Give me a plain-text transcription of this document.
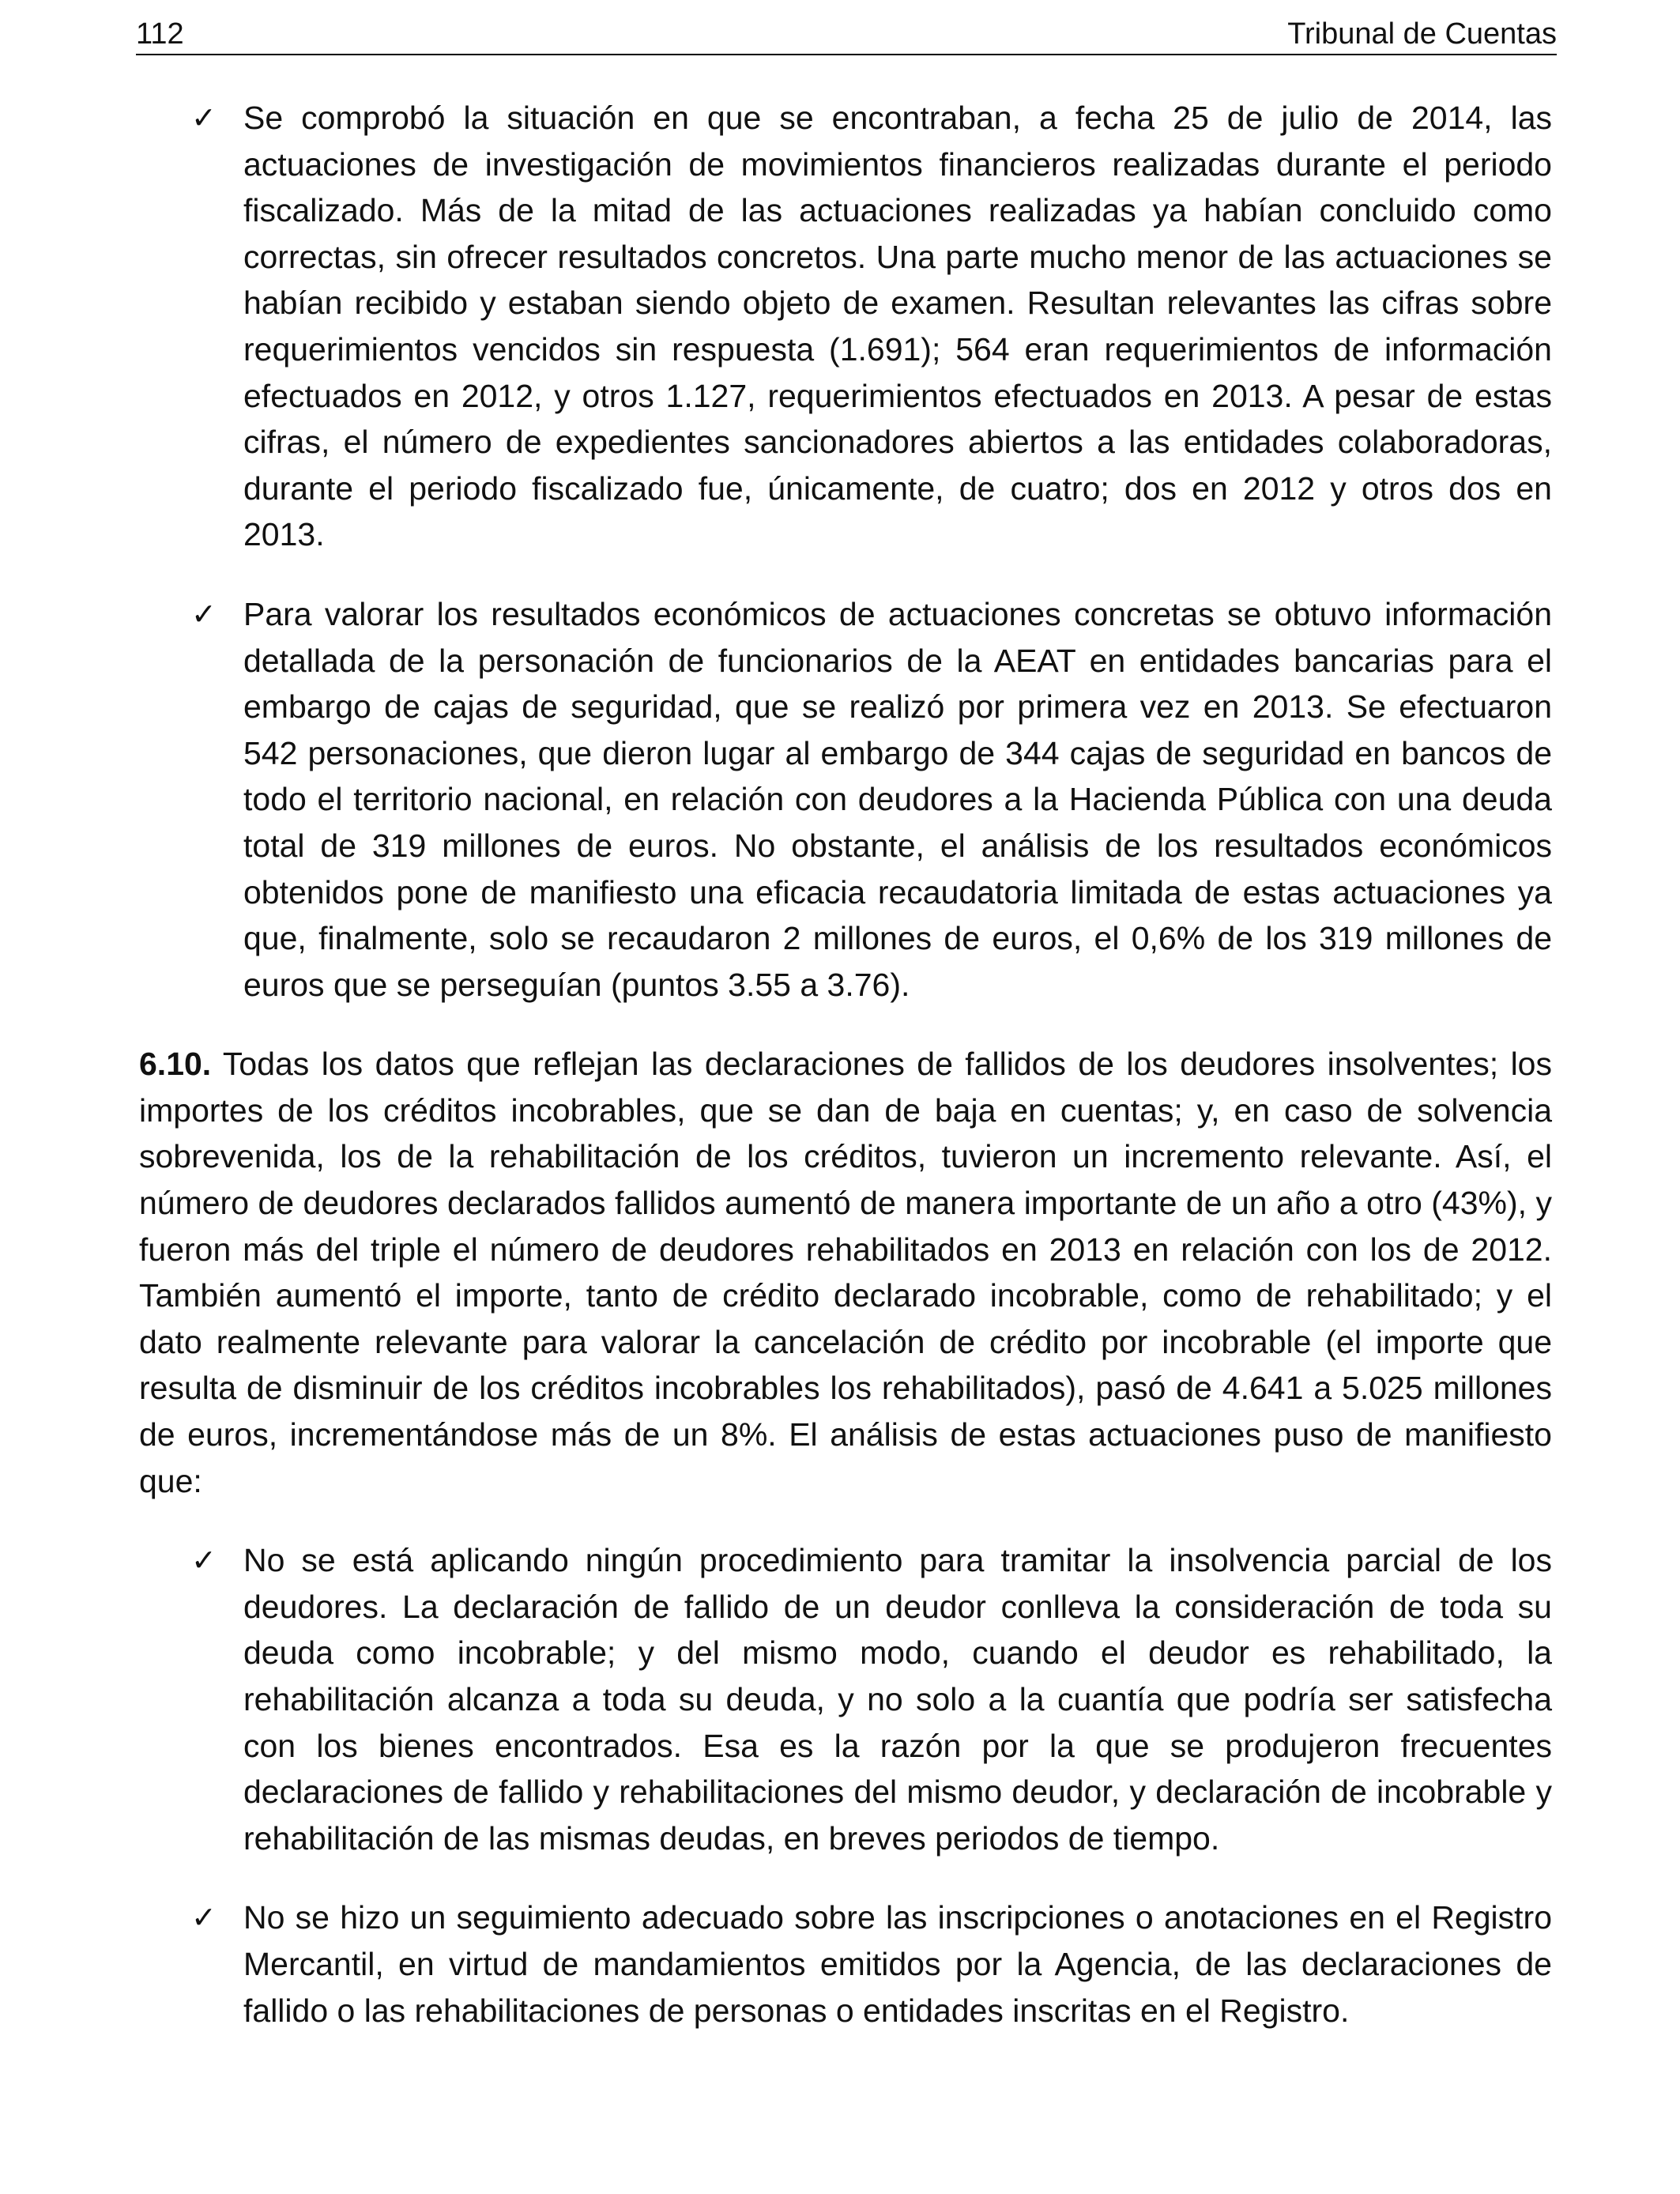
112	Tribunal de Cuentas
✓ Se comprobó la situación en que se encontraban, a fecha 25 de julio de 2014, las actuaciones de investigación de movimientos financieros realizadas durante el periodo fiscalizado. Más de la mitad de las actuaciones realizadas ya habían concluido como correctas, sin ofrecer resultados concretos. Una parte mucho menor de las actuaciones se habían recibido y estaban siendo objeto de examen. Resultan relevantes las cifras sobre requerimientos vencidos sin respuesta (1.691); 564 eran requerimientos de información efectuados en 2012, y otros 1.127, requerimientos efectuados en 2013. A pesar de estas cifras, el número de expedientes sancionadores abiertos a las entidades colaboradoras, durante el periodo fiscalizado fue, únicamente, de cuatro; dos en 2012 y otros dos en 2013.
✓ Para valorar los resultados económicos de actuaciones concretas se obtuvo información detallada de la personación de funcionarios de la AEAT en entidades bancarias para el embargo de cajas de seguridad, que se realizó por primera vez en 2013. Se efectuaron 542 personaciones, que dieron lugar al embargo de 344 cajas de seguridad en bancos de todo el territorio nacional, en relación con deudores a la Hacienda Pública con una deuda total de 319 millones de euros. No obstante, el análisis de los resultados económicos obtenidos pone de manifiesto una eficacia recaudatoria limitada de estas actuaciones ya que, finalmente, solo se recaudaron 2 millones de euros, el 0,6% de los 319 millones de euros que se perseguían (puntos 3.55 a 3.76).

6.10. Todas los datos que reflejan las declaraciones de fallidos de los deudores insolventes; los importes de los créditos incobrables, que se dan de baja en cuentas; y, en caso de solvencia sobrevenida, los de la rehabilitación de los créditos, tuvieron un incremento relevante. Así, el número de deudores declarados fallidos aumentó de manera importante de un año a otro (43%), y fueron más del triple el número de deudores rehabilitados en 2013 en relación con los de 2012. También aumentó el importe, tanto de crédito declarado incobrable, como de rehabilitado; y el dato realmente relevante para valorar la cancelación de crédito por incobrable (el importe que resulta de disminuir de los créditos incobrables los rehabilitados), pasó de 4.641 a 5.025 millones de euros, incrementándose más de un 8%. El análisis de estas actuaciones puso de manifiesto que:

✓ No se está aplicando ningún procedimiento para tramitar la insolvencia parcial de los deudores. La declaración de fallido de un deudor conlleva la consideración de toda su deuda como incobrable; y del mismo modo, cuando el deudor es rehabilitado, la rehabilitación alcanza a toda su deuda, y no solo a la cuantía que podría ser satisfecha con los bienes encontrados. Esa es la razón por la que se produjeron frecuentes declaraciones de fallido y rehabilitaciones del mismo deudor, y declaración de incobrable y rehabilitación de las mismas deudas, en breves periodos de tiempo.
✓ No se hizo un seguimiento adecuado sobre las inscripciones o anotaciones en el Registro Mercantil, en virtud de mandamientos emitidos por la Agencia, de las declaraciones de fallido o las rehabilitaciones de personas o entidades inscritas en el Registro.
